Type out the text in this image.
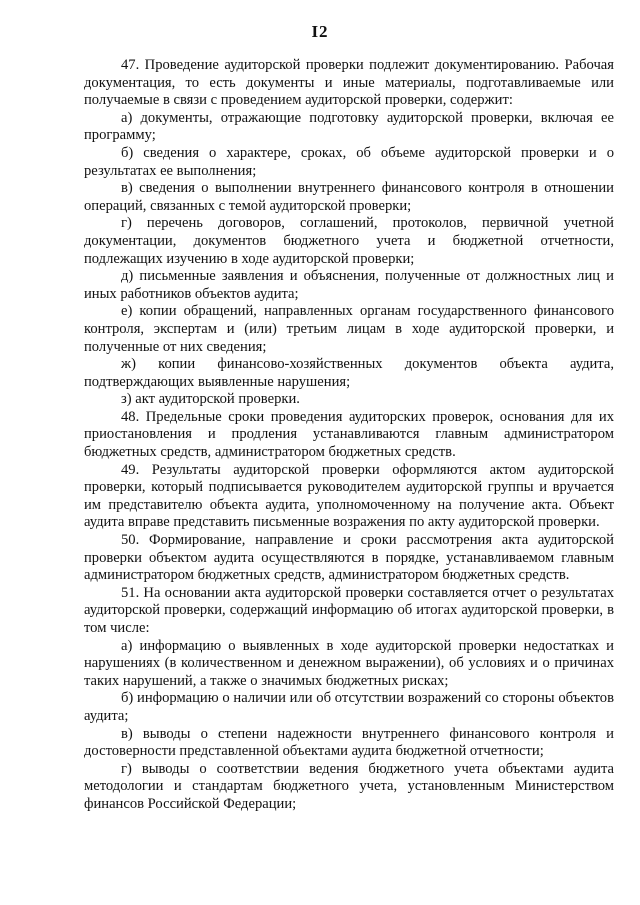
I2

47. Проведение аудиторской проверки подлежит документированию. Рабочая документация, то есть документы и иные материалы, подготавливаемые или получаемые в связи с проведением аудиторской проверки, содержит:

а) документы, отражающие подготовку аудиторской проверки, включая ее программу;

б) сведения о характере, сроках, об объеме аудиторской проверки и о результатах ее выполнения;

в) сведения о выполнении внутреннего финансового контроля в отношении операций, связанных с темой аудиторской проверки;

г) перечень договоров, соглашений, протоколов, первичной учетной документации, документов бюджетного учета и бюджетной отчетности, подлежащих изучению в ходе аудиторской проверки;

д) письменные заявления и объяснения, полученные от должностных лиц и иных работников объектов аудита;

е) копии обращений, направленных органам государственного финансового контроля, экспертам и (или) третьим лицам в ходе аудиторской проверки, и полученные от них сведения;

ж) копии финансово-хозяйственных документов объекта аудита, подтверждающих выявленные нарушения;

з) акт аудиторской проверки.

48. Предельные сроки проведения аудиторских проверок, основания для их приостановления и продления устанавливаются главным администратором бюджетных средств, администратором бюджетных средств.

49. Результаты аудиторской проверки оформляются актом аудиторской проверки, который подписывается руководителем аудиторской группы и вручается им представителю объекта аудита, уполномоченному на получение акта. Объект аудита вправе представить письменные возражения по акту аудиторской проверки.

50. Формирование, направление и сроки рассмотрения акта аудиторской проверки объектом аудита осуществляются в порядке, устанавливаемом главным администратором бюджетных средств, администратором бюджетных средств.

51. На основании акта аудиторской проверки составляется отчет о результатах аудиторской проверки, содержащий информацию об итогах аудиторской проверки, в том числе:

а) информацию о выявленных в ходе аудиторской проверки недостатках и нарушениях (в количественном и денежном выражении), об условиях и о причинах таких нарушений, а также о значимых бюджетных рисках;

б) информацию о наличии или об отсутствии возражений со стороны объектов аудита;

в) выводы о степени надежности внутреннего финансового контроля и достоверности представленной объектами аудита бюджетной отчетности;

г) выводы о соответствии ведения бюджетного учета объектами аудита методологии и стандартам бюджетного учета, установленным Министерством финансов Российской Федерации;
